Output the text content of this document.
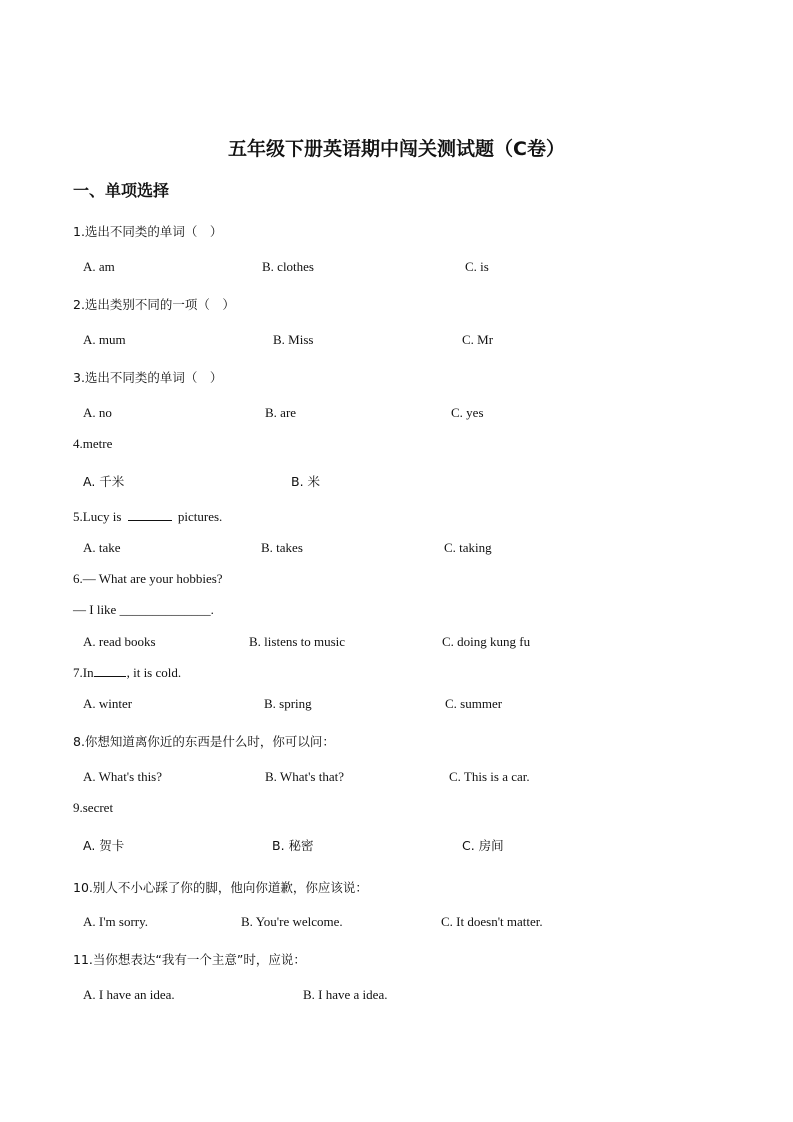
五年级下册英语期中闯关测试题（C卷）
一、单项选择
1.选出不同类的单词（　）
A. am	B. clothes	C. is
2.选出类别不同的一项（　）
A. mum	B. Miss	C. Mr
3.选出不同类的单词（　）
A. no	B. are	C. yes
4.metre
A. 千米	B. 米
5.Lucy is	pictures.
A. take	B. takes	C. taking
6.— What are your hobbies?
— I like ______________.
A. read books	B. listens to music	C. doing kung fu
7.In	, it is cold.
A. winter	B. spring	C. summer
8.你想知道离你近的东西是什么时，你可以问：
A. What's this?	B. What's that?	C. This is a car.
9.secret
A. 贺卡	B. 秘密	C. 房间
10.别人不小心踩了你的脚，他向你道歉，你应该说：
A. I'm sorry.	B. You're welcome.	C. It doesn't matter.
11.当你想表达“我有一个主意”时，应说：
A. I have an idea.	B. I have a idea.
